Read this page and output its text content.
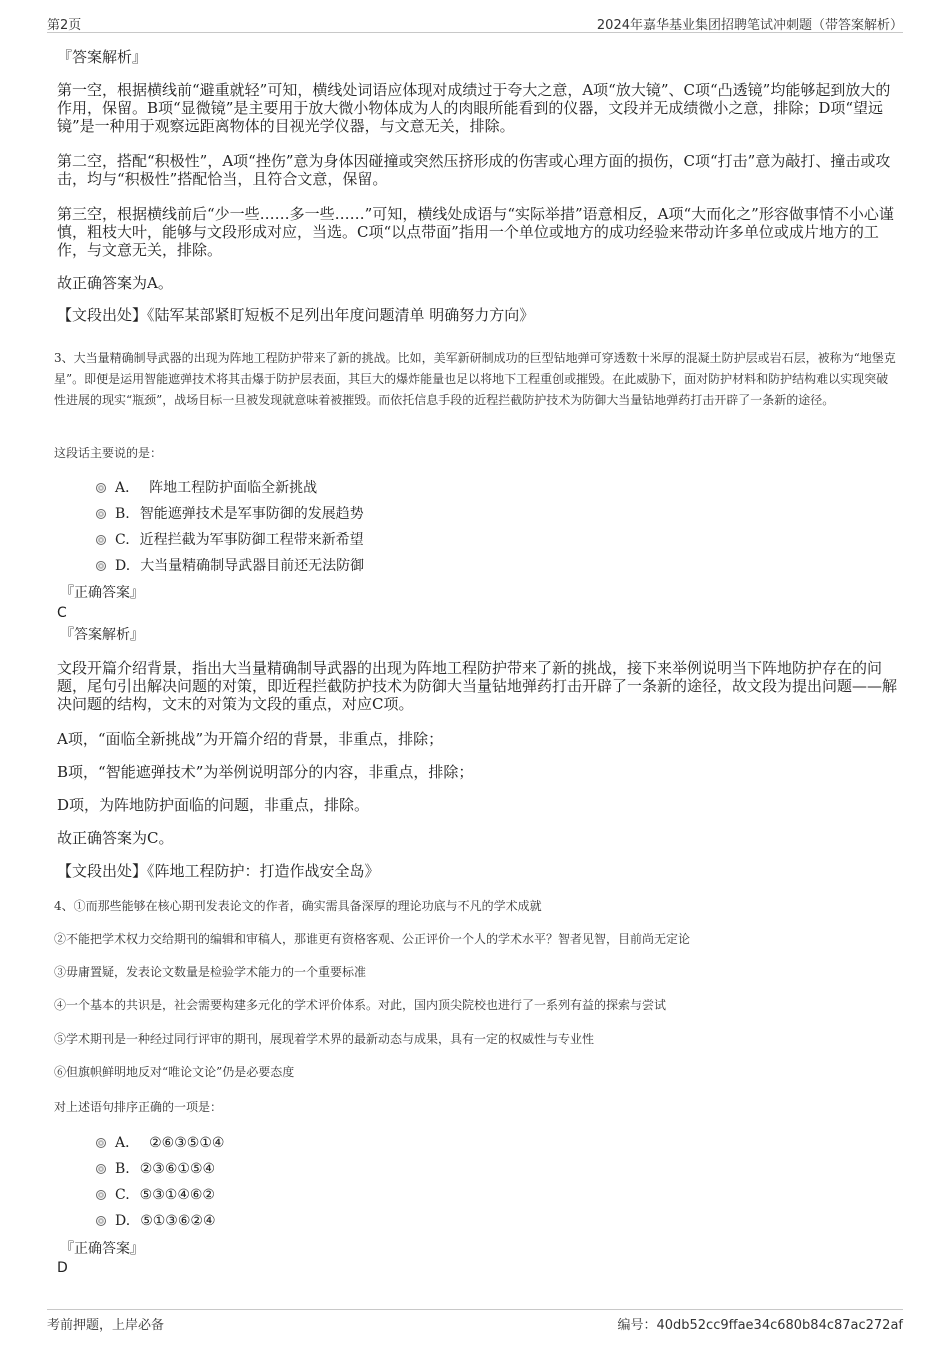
第2页	2024年嘉华基业集团招聘笔试冲刺题（带答案解析）
『答案解析』
第一空，根据横线前“避重就轻”可知，横线处词语应体现对成绩过于夸大之意，A项“放大镜”、C项“凸透镜”均能够起到放大的作用，保留。B项“显微镜”是主要用于放大微小物体成为人的肉眼所能看到的仪器，文段并无成绩微小之意，排除；D项“望远镜”是一种用于观察远距离物体的目视光学仪器，与文意无关，排除。
第二空，搭配“积极性”，A项“挫伤”意为身体因碰撞或突然压挤形成的伤害或心理方面的损伤，C项“打击”意为敲打、撞击或攻击，均与“积极性”搭配恰当，且符合文意，保留。
第三空，根据横线前后“少一些……多一些……”可知，横线处成语与“实际举措”语意相反，A项“大而化之”形容做事情不小心谨慎，粗枝大叶，能够与文段形成对应，当选。C项“以点带面”指用一个单位或地方的成功经验来带动许多单位或成片地方的工作，与文意无关，排除。
故正确答案为A。
【文段出处】《陆军某部紧盯短板不足列出年度问题清单 明确努力方向》
3、大当量精确制导武器的出现为阵地工程防护带来了新的挑战。比如，美军新研制成功的巨型钻地弹可穿透数十米厚的混凝土防护层或岩石层，被称为“地堡克星”。即便是运用智能遮弹技术将其击爆于防护层表面，其巨大的爆炸能量也足以将地下工程重创或摧毁。在此威胁下，面对防护材料和防护结构难以实现突破性进展的现实“瓶颈”，战场目标一旦被发现就意味着被摧毁。而依托信息手段的近程拦截防护技术为防御大当量钻地弹药打击开辟了一条新的途径。
这段话主要说的是：
A． 阵地工程防护面临全新挑战
B. 智能遮弹技术是军事防御的发展趋势
C. 近程拦截为军事防御工程带来新希望
D. 大当量精确制导武器目前还无法防御
『正确答案』
C
『答案解析』
文段开篇介绍背景，指出大当量精确制导武器的出现为阵地工程防护带来了新的挑战，接下来举例说明当下阵地防护存在的问题，尾句引出解决问题的对策，即近程拦截防护技术为防御大当量钻地弹药打击开辟了一条新的途径，故文段为提出问题——解决问题的结构，文末的对策为文段的重点，对应C项。
A项，“面临全新挑战”为开篇介绍的背景，非重点，排除；
B项，“智能遮弹技术”为举例说明部分的内容，非重点，排除；
D项，为阵地防护面临的问题，非重点，排除。
故正确答案为C。
【文段出处】《阵地工程防护：打造作战安全岛》
4、①而那些能够在核心期刊发表论文的作者，确实需具备深厚的理论功底与不凡的学术成就
②不能把学术权力交给期刊的编辑和审稿人，那谁更有资格客观、公正评价一个人的学术水平？智者见智，目前尚无定论
③毋庸置疑，发表论文数量是检验学术能力的一个重要标准
④一个基本的共识是，社会需要构建多元化的学术评价体系。对此，国内顶尖院校也进行了一系列有益的探索与尝试
⑤学术期刊是一种经过同行评审的期刊，展现着学术界的最新动态与成果，具有一定的权威性与专业性
⑥但旗帜鲜明地反对“唯论文论”仍是必要态度
对上述语句排序正确的一项是：
A． ②⑥③⑤①④
B. ②③⑥①⑤④
C. ⑤③①④⑥②
D. ⑤①③⑥②④
『正确答案』
D
考前押题，上岸必备	编号：40db52cc9ffae34c680b84c87ac272af
